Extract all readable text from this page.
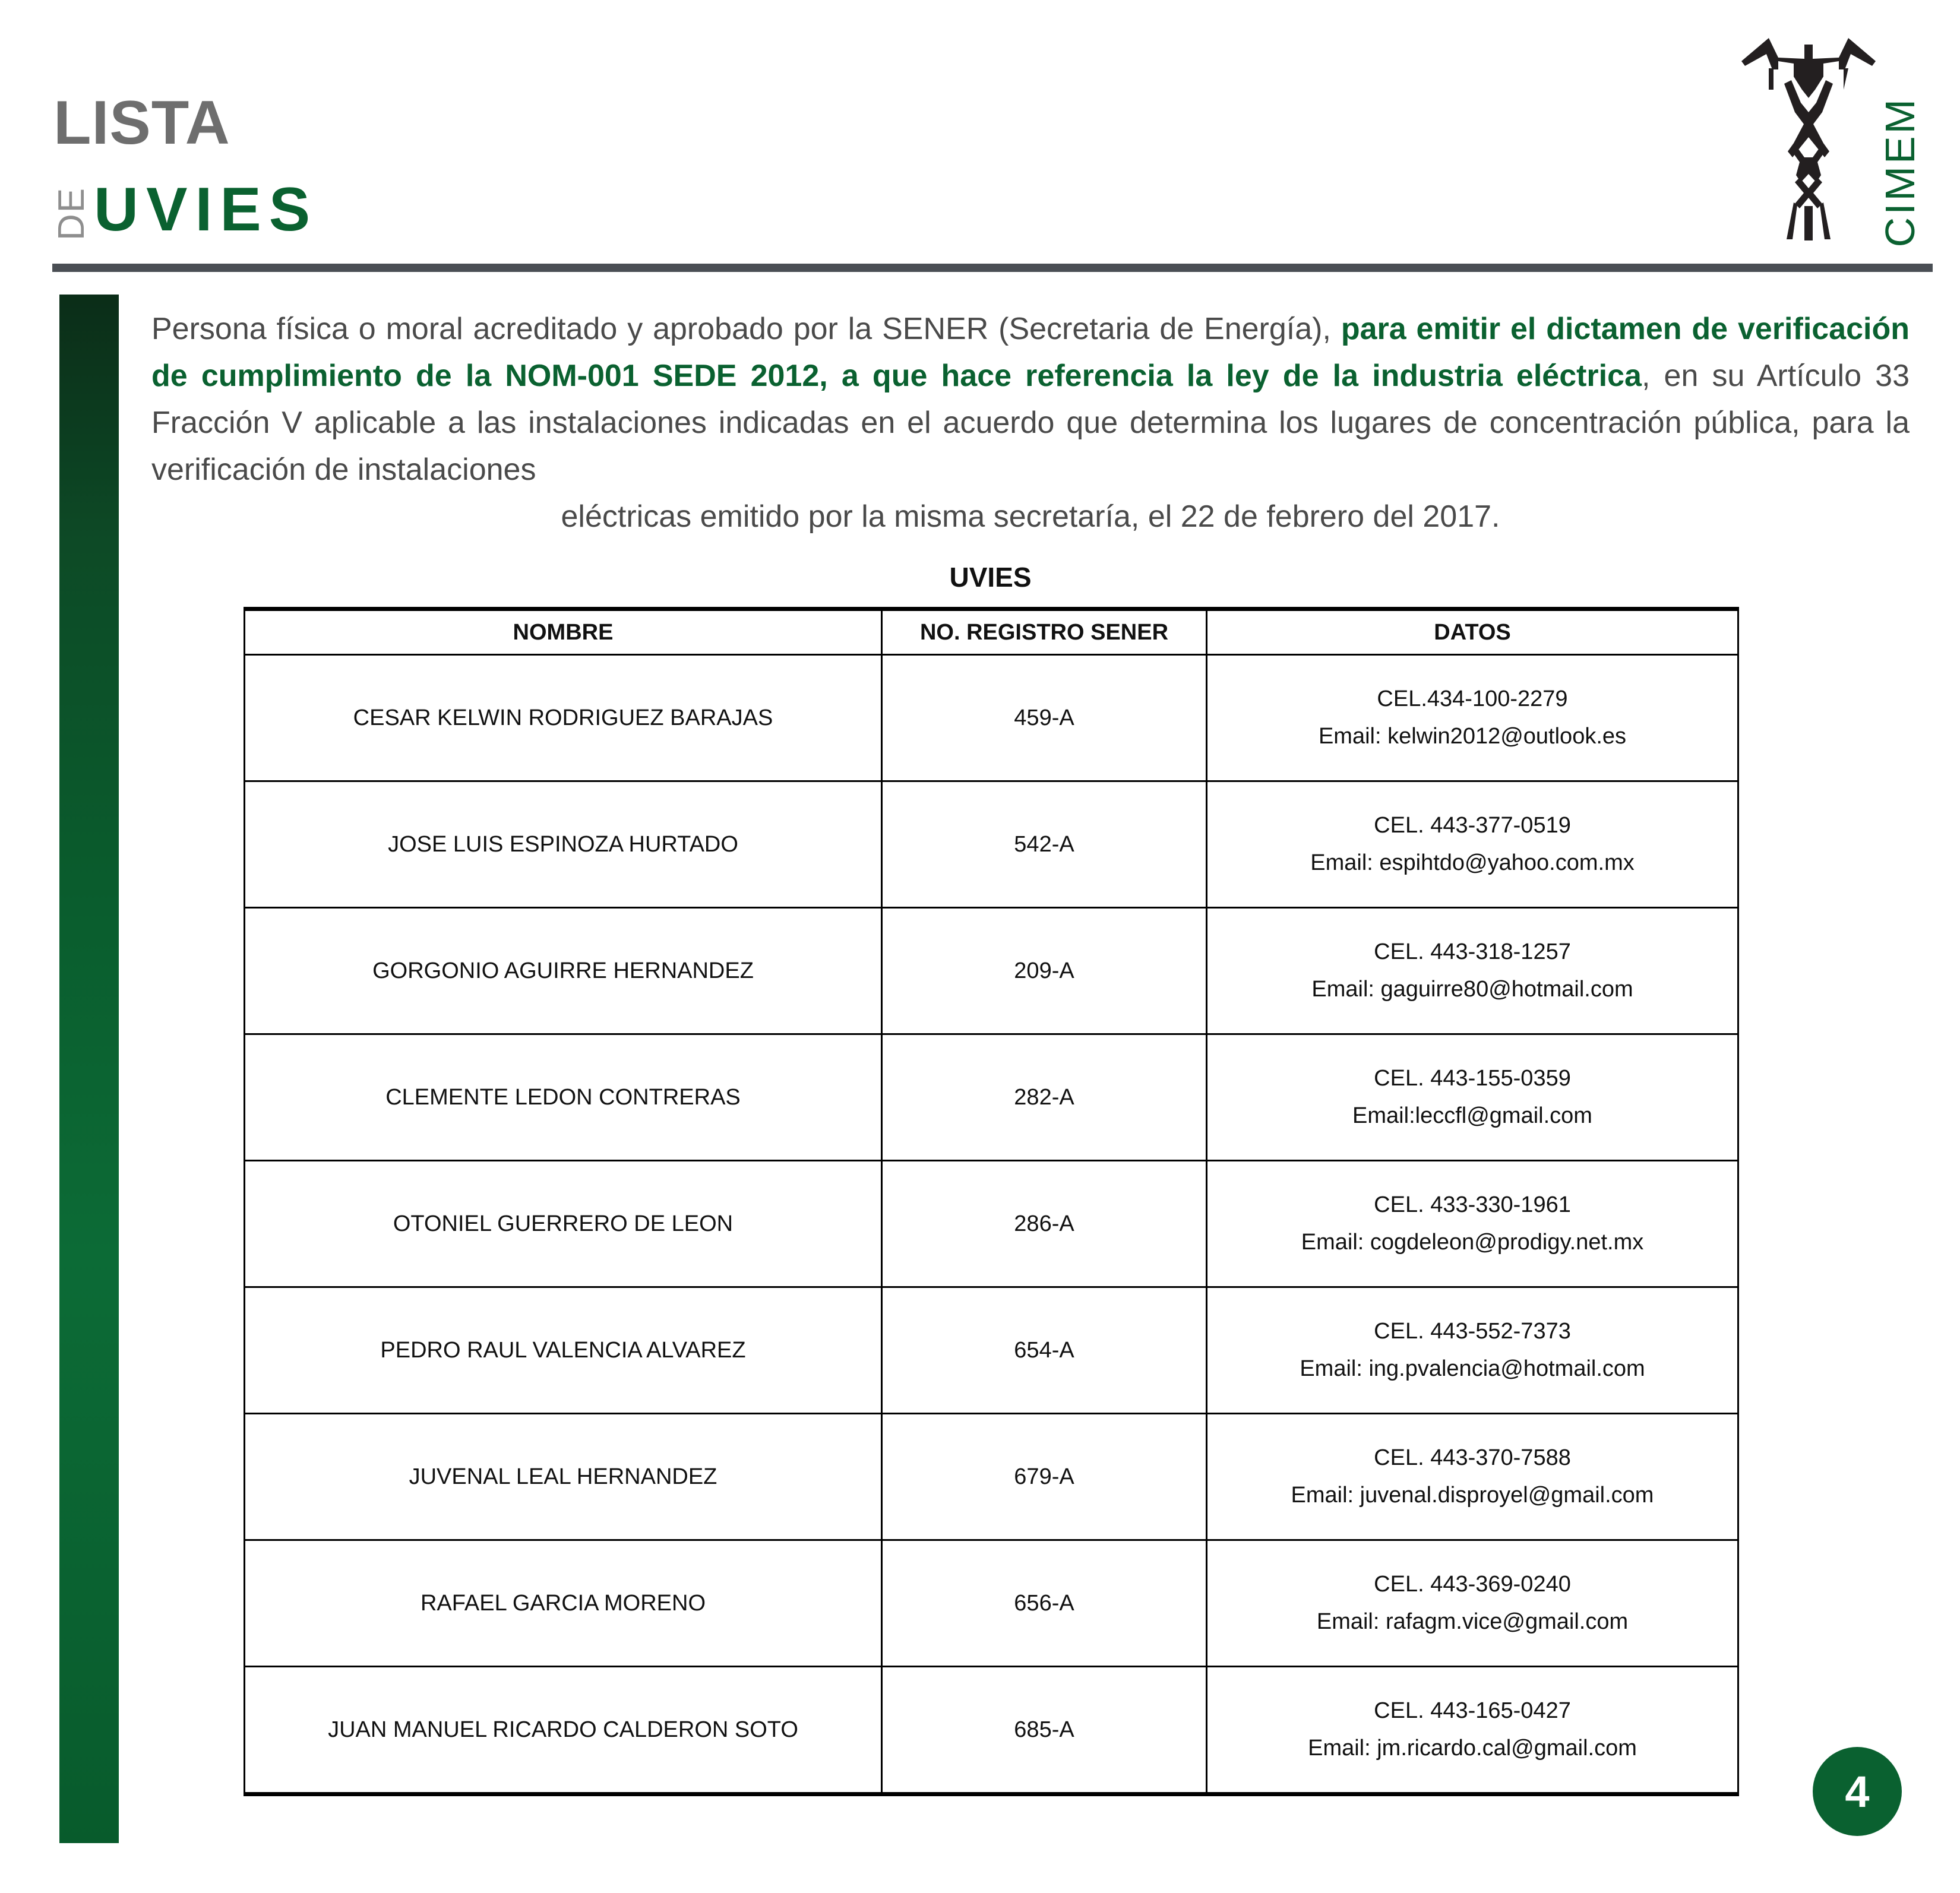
LISTA
DE UVIES	CIMEM
Persona física o moral acreditado y aprobado por la SENER (Secretaria de Energía), para emitir el dictamen de verificación de cumplimiento de la NOM-001 SEDE 2012, a que hace referencia la ley de la industria eléctrica, en su Artículo 33 Fracción V aplicable a las instalaciones indicadas en el acuerdo que determina los lugares de concentración pública, para la verificación de instalaciones
eléctricas emitido por la misma secretaría, el 22 de febrero del 2017.
UVIES
NOMBRE	NO. REGISTRO SENER	DATOS
CESAR KELWIN RODRIGUEZ BARAJAS	459-A	CEL.434-100-2279
Email: kelwin2012@outlook.es

JOSE LUIS ESPINOZA HURTADO	542-A	CEL. 443-377-0519
Email: espihtdo@yahoo.com.mx

GORGONIO AGUIRRE HERNANDEZ	209-A	CEL. 443-318-1257
Email: gaguirre80@hotmail.com

CLEMENTE LEDON CONTRERAS	282-A	CEL. 443-155-0359
Email:leccfl@gmail.com

OTONIEL GUERRERO DE LEON	286-A	CEL. 433-330-1961
Email: cogdeleon@prodigy.net.mx

PEDRO RAUL VALENCIA ALVAREZ	654-A	CEL. 443-552-7373
Email: ing.pvalencia@hotmail.com

JUVENAL LEAL HERNANDEZ	679-A	CEL. 443-370-7588
Email: juvenal.disproyel@gmail.com

RAFAEL GARCIA MORENO	656-A	CEL. 443-369-0240
Email: rafagm.vice@gmail.com

JUAN MANUEL RICARDO CALDERON SOTO	685-A	CEL. 443-165-0427
Email: jm.ricardo.cal@gmail.com
4
